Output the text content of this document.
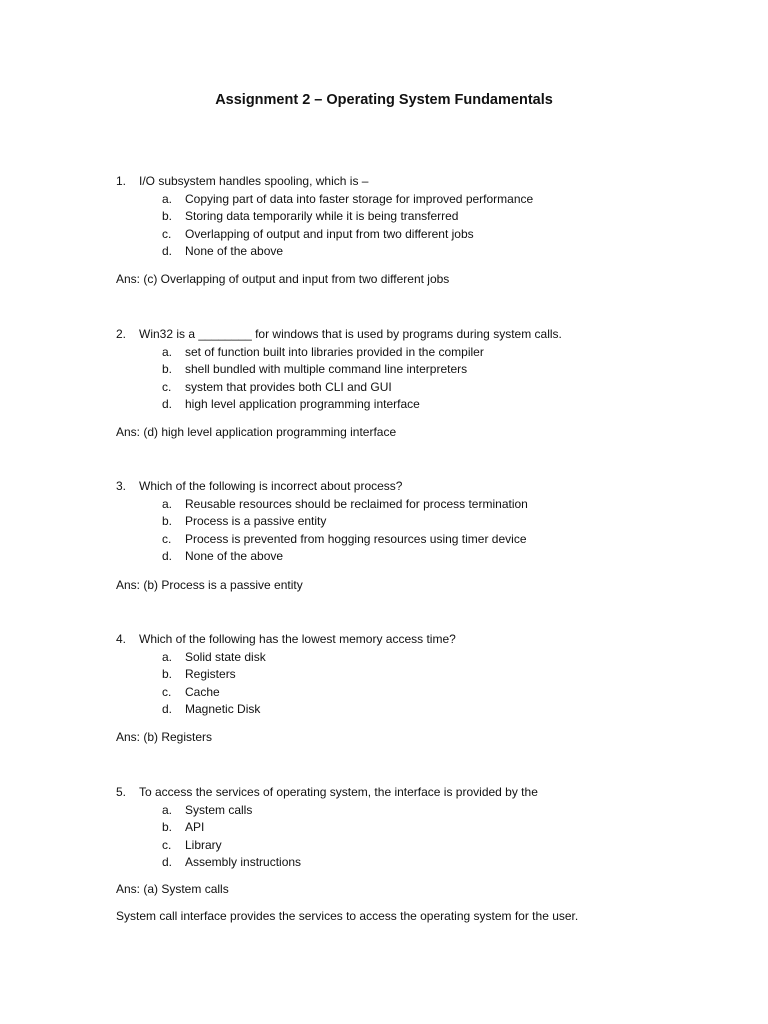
Assignment 2 – Operating System Fundamentals
1. I/O subsystem handles spooling, which is –
a. Copying part of data into faster storage for improved performance
b. Storing data temporarily while it is being transferred
c. Overlapping of output and input from two different jobs
d. None of the above
Ans: (c) Overlapping of output and input from two different jobs
2. Win32 is a ________ for windows that is used by programs during system calls.
a. set of function built into libraries provided in the compiler
b. shell bundled with multiple command line interpreters
c. system that provides both CLI and GUI
d. high level application programming interface
Ans: (d) high level application programming interface
3. Which of the following is incorrect about process?
a. Reusable resources should be reclaimed for process termination
b. Process is a passive entity
c. Process is prevented from hogging resources using timer device
d. None of the above
Ans: (b) Process is a passive entity
4. Which of the following has the lowest memory access time?
a. Solid state disk
b. Registers
c. Cache
d. Magnetic Disk
Ans: (b) Registers
5. To access the services of operating system, the interface is provided by the
a. System calls
b. API
c. Library
d. Assembly instructions
Ans: (a) System calls
System call interface provides the services to access the operating system for the user.
